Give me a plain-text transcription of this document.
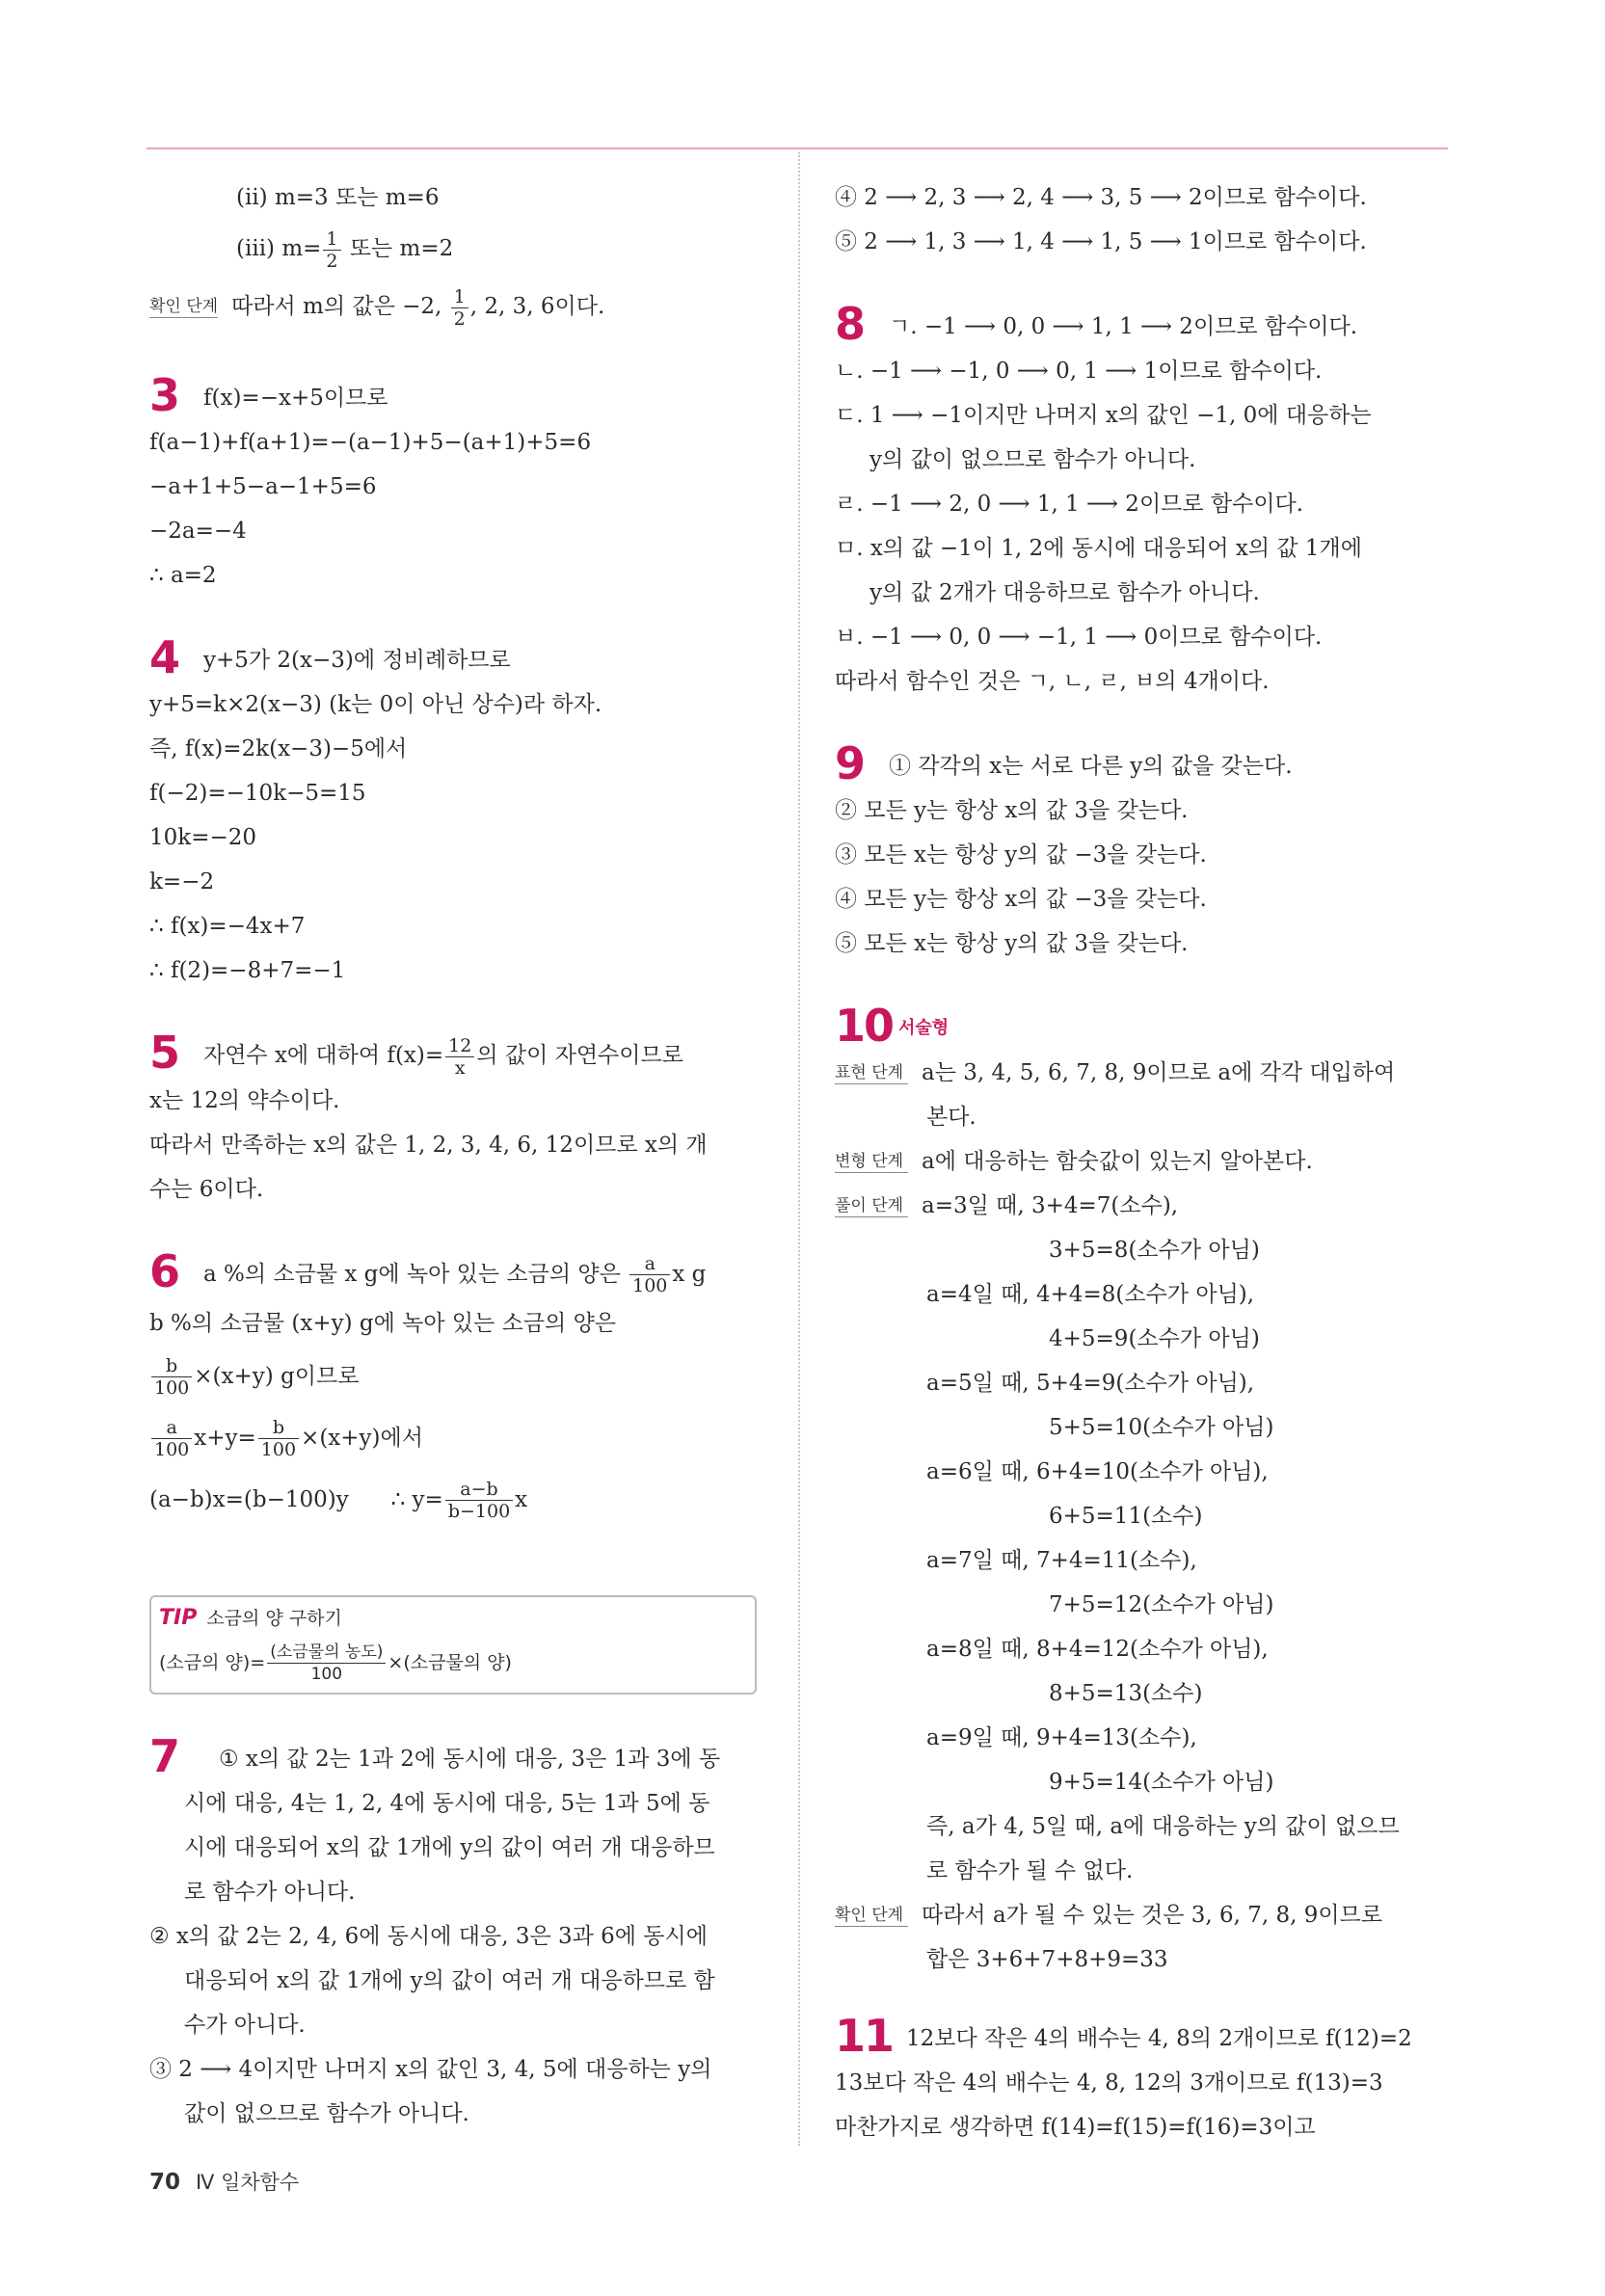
(ⅱ) m=3 또는 m=6
(ⅲ) $m= \frac{1}{2}$ 또는 m=2
확인 단계 따라서 m의 값은 −2, $\frac{1}{2}$ , 2, 3, 6이다.
3 f(x)=−x+5이므로
f(a−1)+f(a+1)=−(a−1)+5−(a+1)+5=6
−a+1+5−a−1+5=6
−2a=−4
∴ a=2
4 y+5가 2(x−3)에 정비례하므로
y+5=k×2(x−3) (k는 0이 아닌 상수)라 하자.
즉, f(x)=2k(x−3)−5에서
f(−2)=−10k−5=15
10k=−20
k=−2
∴ f(x)=−4x+7
∴ f(2)=−8+7=−1
5 자연수 x에 대하여 $f(x)= \frac{12}{x}$ 의 값이 자연수이므로
x는 12의 약수이다.
따라서 만족하는 x의 값은 1, 2, 3, 4, 6, 12이므로 x의 개
수는 6이다.
6 a %의 소금물 x g에 녹아 있는 소금의 양은 $\frac{a}{100}$ x g
b %의 소금물 (x+y) g에 녹아 있는 소금의 양은
$\frac{b}{100} \times(x+y)$ g이므로
$\frac{a}{100} x+y= \frac{b}{100} \times(x+y)$에서
(a−b)x=(b−100)y      ∴ $y= \frac{a-b}{b-100}$ x
TIP 소금의 양 구하기
(소금의 양)= $\frac{\text{(소금물의 농도)}}{100}$ ×(소금물의 양)
7 ① x의 값 2는 1과 2에 동시에 대응, 3은 1과 3에 동
시에 대응, 4는 1, 2, 4에 동시에 대응, 5는 1과 5에 동
시에 대응되어 x의 값 1개에 y의 값이 여러 개 대응하므
로 함수가 아니다.
② x의 값 2는 2, 4, 6에 동시에 대응, 3은 3과 6에 동시에
대응되어 x의 값 1개에 y의 값이 여러 개 대응하므로 함
수가 아니다.
③ 2 ⟶ 4이지만 나머지 x의 값인 3, 4, 5에 대응하는 y의
값이 없으므로 함수가 아니다.
④ 2 ⟶ 2, 3 ⟶ 2, 4 ⟶ 3, 5 ⟶ 2이므로 함수이다.
⑤ 2 ⟶ 1, 3 ⟶ 1, 4 ⟶ 1, 5 ⟶ 1이므로 함수이다.
8 ㄱ. −1 ⟶ 0, 0 ⟶ 1, 1 ⟶ 2이므로 함수이다.
ㄴ. −1 ⟶ −1, 0 ⟶ 0, 1 ⟶ 1이므로 함수이다.
ㄷ. 1 ⟶ −1이지만 나머지 x의 값인 −1, 0에 대응하는
y의 값이 없으므로 함수가 아니다.
ㄹ. −1 ⟶ 2, 0 ⟶ 1, 1 ⟶ 2이므로 함수이다.
ㅁ. x의 값 −1이 1, 2에 동시에 대응되어 x의 값 1개에
y의 값 2개가 대응하므로 함수가 아니다.
ㅂ. −1 ⟶ 0, 0 ⟶ −1, 1 ⟶ 0이므로 함수이다.
따라서 함수인 것은 ㄱ, ㄴ, ㄹ, ㅂ의 4개이다.
9 ① 각각의 x는 서로 다른 y의 값을 갖는다.
② 모든 y는 항상 x의 값 3을 갖는다.
③ 모든 x는 항상 y의 값 −3을 갖는다.
④ 모든 y는 항상 x의 값 −3을 갖는다.
⑤ 모든 x는 항상 y의 값 3을 갖는다.
10 서술형
표현 단계 a는 3, 4, 5, 6, 7, 8, 9이므로 a에 각각 대입하여
본다.
변형 단계 a에 대응하는 함숫값이 있는지 알아본다.
풀이 단계 a=3일 때, 3+4=7(소수),
3+5=8(소수가 아님)
a=4일 때, 4+4=8(소수가 아님),
4+5=9(소수가 아님)
a=5일 때, 5+4=9(소수가 아님),
5+5=10(소수가 아님)
a=6일 때, 6+4=10(소수가 아님),
6+5=11(소수)
a=7일 때, 7+4=11(소수),
7+5=12(소수가 아님)
a=8일 때, 8+4=12(소수가 아님),
8+5=13(소수)
a=9일 때, 9+4=13(소수),
9+5=14(소수가 아님)
즉, a가 4, 5일 때, a에 대응하는 y의 값이 없으므
로 함수가 될 수 없다.
확인 단계 따라서 a가 될 수 있는 것은 3, 6, 7, 8, 9이므로
합은 3+6+7+8+9=33
11 12보다 작은 4의 배수는 4, 8의 2개이므로 f(12)=2
13보다 작은 4의 배수는 4, 8, 12의 3개이므로 f(13)=3
마찬가지로 생각하면 f(14)=f(15)=f(16)=3이고
70 Ⅳ 일차함수
